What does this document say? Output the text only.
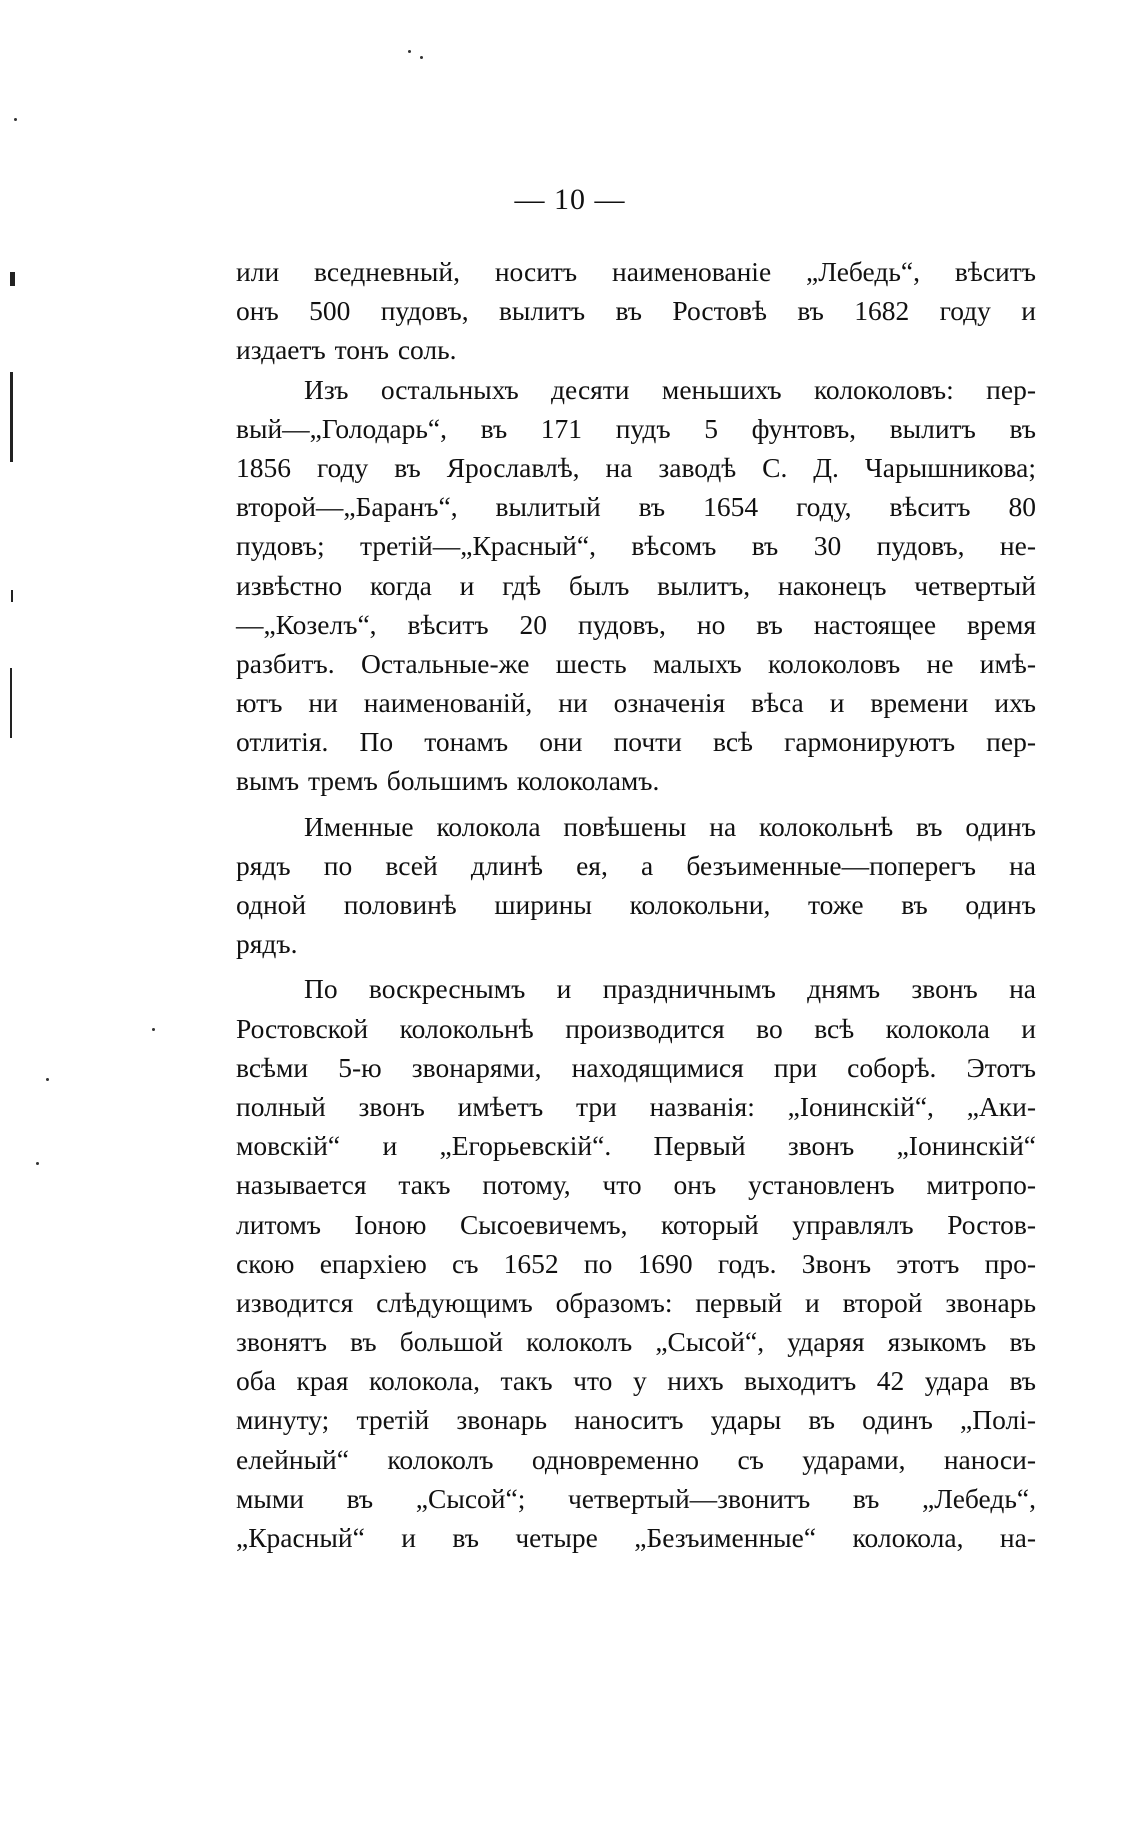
— 10 —
или вседневный, носитъ наименованіе „Лебедь“, вѣситъ
онъ 500 пудовъ, вылитъ въ Ростовѣ въ 1682 году и
издаетъ тонъ соль.
Изъ остальныхъ десяти меньшихъ колоколовъ: пер-
вый—„Голодарь“, въ 171 пудъ 5 фунтовъ, вылитъ въ
1856 году въ Ярославлѣ, на заводѣ С. Д. Чарышникова;
второй—„Баранъ“, вылитый въ 1654 году, вѣситъ 80
пудовъ; третій—„Красный“, вѣсомъ въ 30 пудовъ, не-
извѣстно когда и гдѣ былъ вылитъ, наконецъ четвертый
—„Козелъ“, вѣситъ 20 пудовъ, но въ настоящее время
разбитъ. Остальные-же шесть малыхъ колоколовъ не имѣ-
ютъ ни наименованій, ни означенія вѣса и времени ихъ
отлитія. По тонамъ они почти всѣ гармонируютъ пер-
вымъ тремъ большимъ колоколамъ.
Именные колокола повѣшены на колокольнѣ въ одинъ
рядъ по всей длинѣ ея, а безъименные—поперегъ на
одной половинѣ ширины колокольни, тоже въ одинъ
рядъ.
По воскреснымъ и праздничнымъ днямъ звонъ на
Ростовской колокольнѣ производится во всѣ колокола и
всѣми 5-ю звонарями, находящимися при соборѣ. Этотъ
полный звонъ имѣетъ три названія: „Іонинскій“, „Аки-
мовскій“ и „Егорьевскій“. Первый звонъ „Іонинскій“
называется такъ потому, что онъ установленъ митропо-
литомъ Іоною Сысоевичемъ, который управлялъ Ростов-
скою епархіею съ 1652 по 1690 годъ. Звонъ этотъ про-
изводится слѣдующимъ образомъ: первый и второй звонарь
звонятъ въ большой колоколъ „Сысой“, ударяя языкомъ въ
оба края колокола, такъ что у нихъ выходитъ 42 удара въ
минуту; третій звонарь наноситъ удары въ одинъ „Полі-
елейный“ колоколъ одновременно съ ударами, наноси-
мыми въ „Сысой“; четвертый—звонитъ въ „Лебедь“,
„Красный“ и въ четыре „Безъименные“ колокола, на-
